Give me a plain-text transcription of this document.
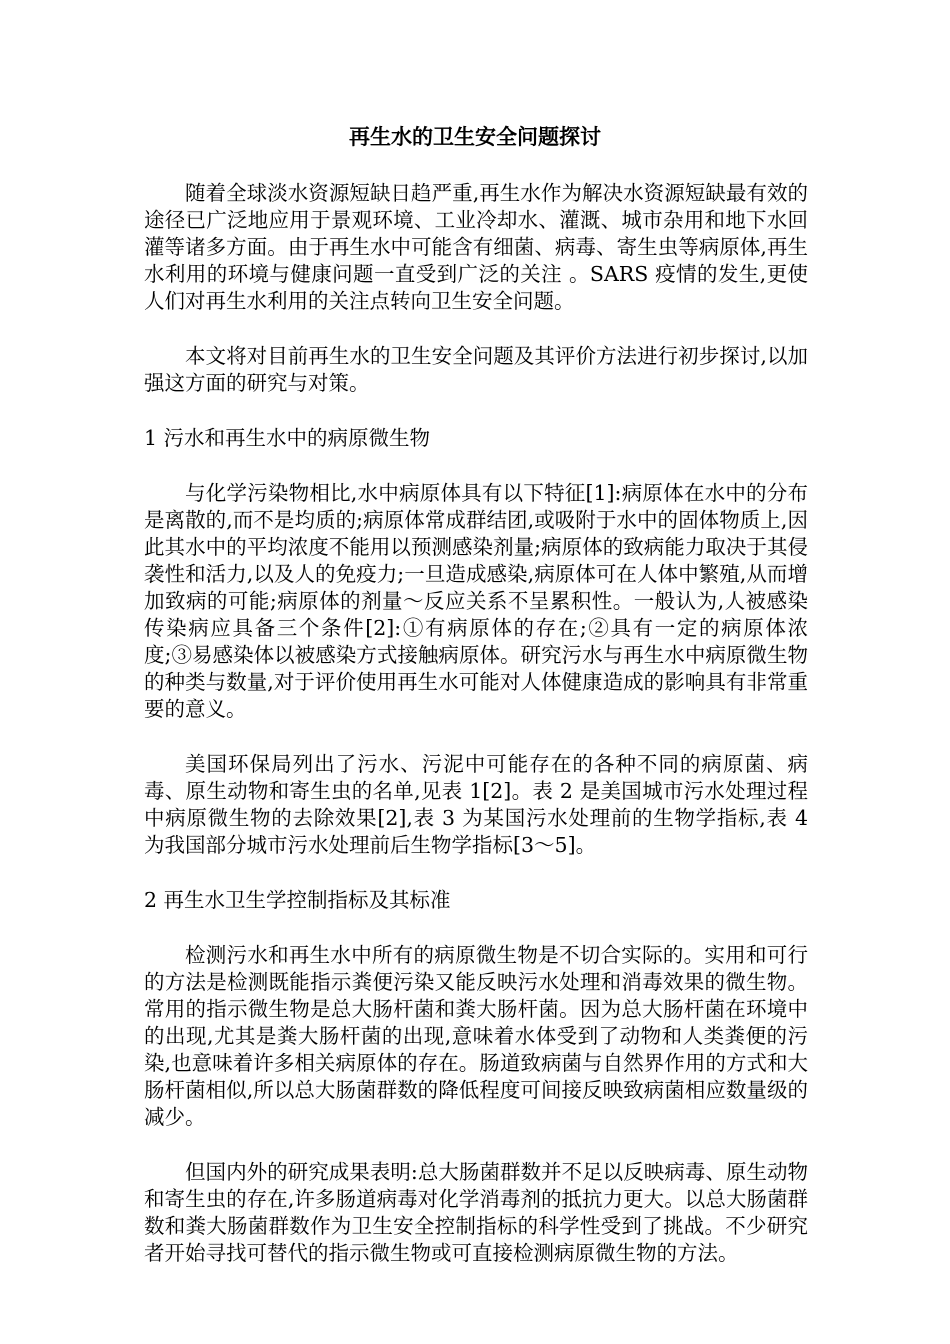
再生水的卫生安全问题探讨

随着全球淡水资源短缺日趋严重,再生水作为解决水资源短缺最有效的途径已广泛地应用于景观环境、工业冷却水、灌溉、城市杂用和地下水回灌等诸多方面。由于再生水中可能含有细菌、病毒、寄生虫等病原体,再生水利用的环境与健康问题一直受到广泛的关注 。SARS 疫情的发生,更使人们对再生水利用的关注点转向卫生安全问题。

本文将对目前再生水的卫生安全问题及其评价方法进行初步探讨,以加强这方面的研究与对策。

1 污水和再生水中的病原微生物

与化学污染物相比,水中病原体具有以下特征[1]:病原体在水中的分布是离散的,而不是均质的;病原体常成群结团,或吸附于水中的固体物质上,因此其水中的平均浓度不能用以预测感染剂量;病原体的致病能力取决于其侵袭性和活力,以及人的免疫力;一旦造成感染,病原体可在人体中繁殖,从而增加致病的可能;病原体的剂量～反应关系不呈累积性。一般认为,人被感染传染病应具备三个条件[2]:①有病原体的存在;②具有一定的病原体浓度;③易感染体以被感染方式接触病原体。研究污水与再生水中病原微生物的种类与数量,对于评价使用再生水可能对人体健康造成的影响具有非常重要的意义。

美国环保局列出了污水、污泥中可能存在的各种不同的病原菌、病毒、原生动物和寄生虫的名单,见表 1[2]。表 2 是美国城市污水处理过程中病原微生物的去除效果[2],表 3 为某国污水处理前的生物学指标,表 4 为我国部分城市污水处理前后生物学指标[3～5]。

2 再生水卫生学控制指标及其标准

检测污水和再生水中所有的病原微生物是不切合实际的。实用和可行的方法是检测既能指示粪便污染又能反映污水处理和消毒效果的微生物。常用的指示微生物是总大肠杆菌和粪大肠杆菌。因为总大肠杆菌在环境中的出现,尤其是粪大肠杆菌的出现,意味着水体受到了动物和人类粪便的污染,也意味着许多相关病原体的存在。肠道致病菌与自然界作用的方式和大肠杆菌相似,所以总大肠菌群数的降低程度可间接反映致病菌相应数量级的减少。

但国内外的研究成果表明:总大肠菌群数并不足以反映病毒、原生动物和寄生虫的存在,许多肠道病毒对化学消毒剂的抵抗力更大。以总大肠菌群数和粪大肠菌群数作为卫生安全控制指标的科学性受到了挑战。不少研究者开始寻找可替代的指示微生物或可直接检测病原微生物的方法。
